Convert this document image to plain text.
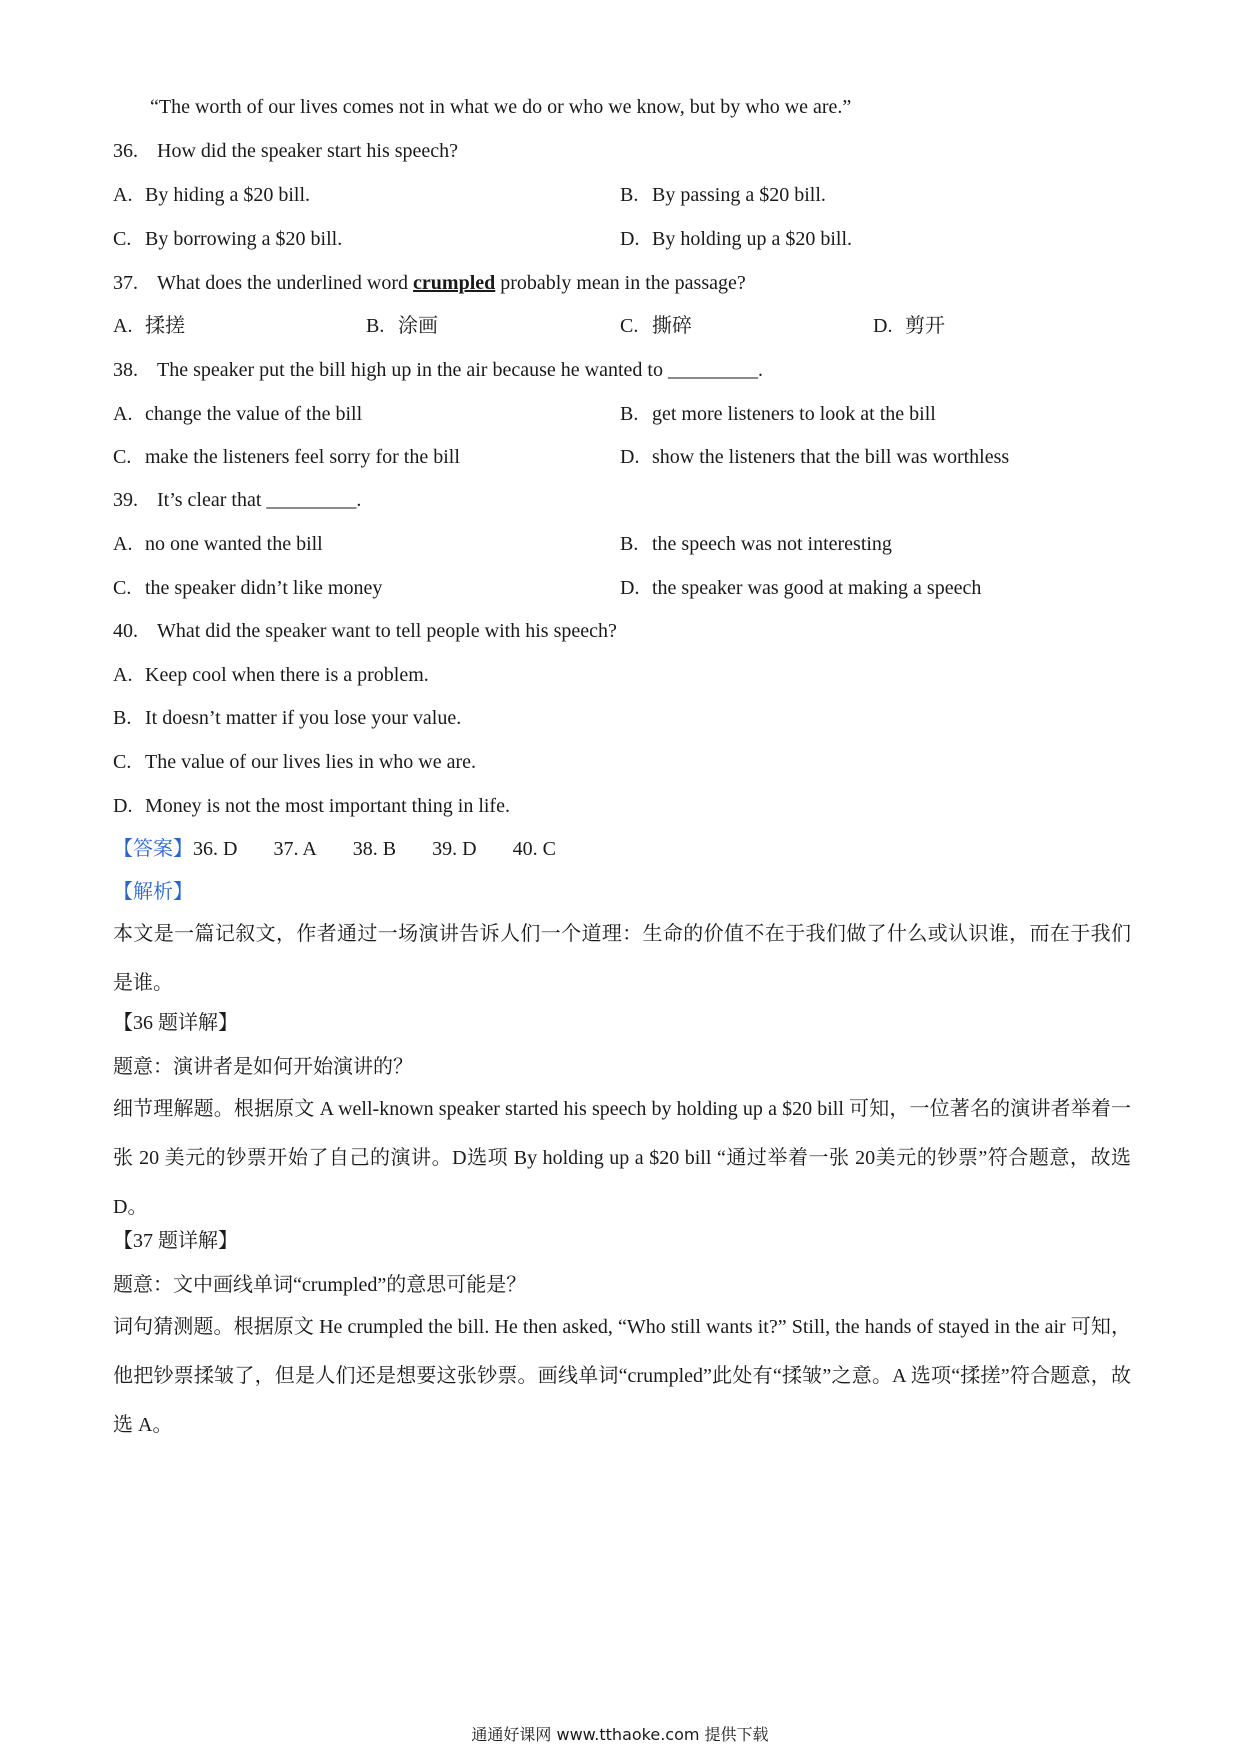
“The worth of our lives comes not in what we do or who we know, but by who we are.”
36. How did the speaker start his speech?
A. By hiding a $20 bill.	B. By passing a $20 bill.
C. By borrowing a $20 bill.	D. By holding up a $20 bill.
37. What does the underlined word crumpled probably mean in the passage?
A. 揉搓	B. 涂画	C. 撕碎	D. 剪开
38. The speaker put the bill high up in the air because he wanted to _________.
A. change the value of the bill	B. get more listeners to look at the bill
C. make the listeners feel sorry for the bill	D. show the listeners that the bill was worthless
39. It’s clear that _________.
A. no one wanted the bill	B. the speech was not interesting
C. the speaker didn’t like money	D. the speaker was good at making a speech
40. What did the speaker want to tell people with his speech?
A. Keep cool when there is a problem.
B. It doesn’t matter if you lose your value.
C. The value of our lives lies in who we are.
D. Money is not the most important thing in life.
【答案】36. D 37. A 38. B 39. D 40. C
【解析】
本文是一篇记叙文，作者通过一场演讲告诉人们一个道理：生命的价值不在于我们做了什么或认识谁，而在于我们是谁。
【36 题详解】
题意：演讲者是如何开始演讲的？
细节理解题。根据原文 A well-known speaker started his speech by holding up a $20 bill 可知，一位著名的演讲者举着一张 20 美元的钞票开始了自己的演讲。D选项 By holding up a $20 bill “通过举着一张 20美元的钞票”符合题意，故选 D。
【37 题详解】
题意：文中画线单词“crumpled”的意思可能是？
词句猜测题。根据原文 He crumpled the bill. He then asked, “Who still wants it?” Still, the hands of stayed in the air 可知，他把钞票揉皱了，但是人们还是想要这张钞票。画线单词“crumpled”此处有“揉皱”之意。A 选项“揉搓”符合题意，故选 A。
通通好课网 www.tthaoke.com 提供下载
